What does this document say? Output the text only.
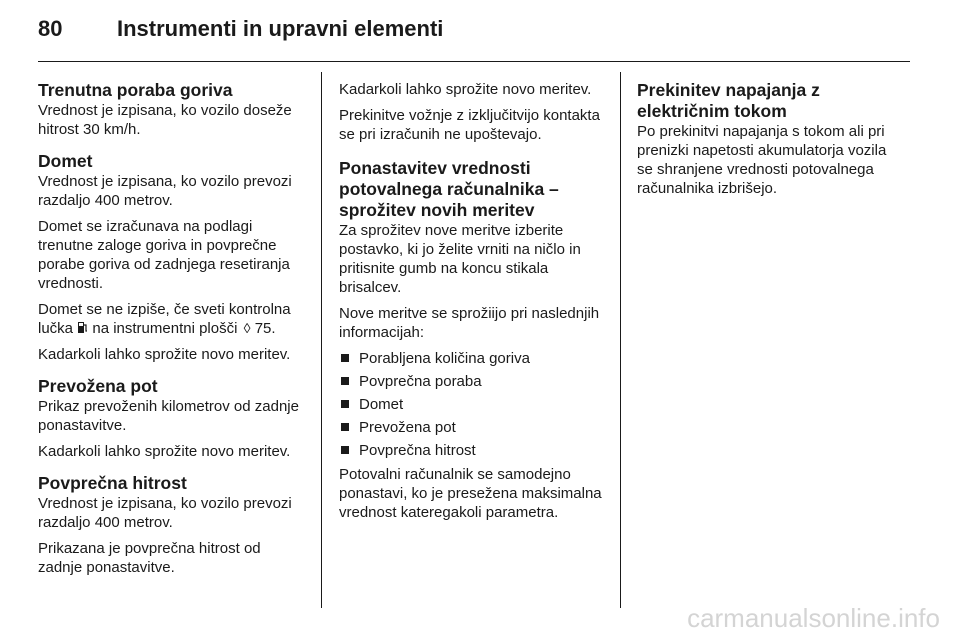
80 Instrumenti in upravni elementi
Trenutna poraba goriva

Vrednost je izpisana, ko vozilo doseže hitrost 30 km/h.

Domet

Vrednost je izpisana, ko vozilo prevozi razdaljo 400 metrov.

Domet se izračunava na podlagi trenutne zaloge goriva in povprečne porabe goriva od zadnjega resetiranja vrednosti.

Domet se ne izpiše, če sveti kontrolna lučka  na instrumentni plošči ◊ 75.

Kadarkoli lahko sprožite novo meritev.

Prevožena pot

Prikaz prevoženih kilometrov od zadnje ponastavitve.

Kadarkoli lahko sprožite novo meritev.

Povprečna hitrost

Vrednost je izpisana, ko vozilo prevozi razdaljo 400 metrov.

Prikazana je povprečna hitrost od zadnje ponastavitve.

Kadarkoli lahko sprožite novo meritev.

Prekinitve vožnje z izključitvijo kontakta se pri izračunih ne upoštevajo.

Ponastavitev vrednosti potovalnega računalnika – sprožitev novih meritev

Za sprožitev nove meritve izberite postavko, ki jo želite vrniti na ničlo in pritisnite gumb na koncu stikala brisalcev.

Nove meritve se sprožiijo pri naslednjih informacijah:

Porabljena količina goriva
Povprečna poraba
Domet
Prevožena pot
Povprečna hitrost

Potovalni računalnik se samodejno ponastavi, ko je presežena maksimalna vrednost kateregakoli parametra.

Prekinitev napajanja z električnim tokom

Po prekinitvi napajanja s tokom ali pri prenizki napetosti akumulatorja vozila se shranjene vrednosti potovalnega računalnika izbrišejo.

carmanualsonline.info
